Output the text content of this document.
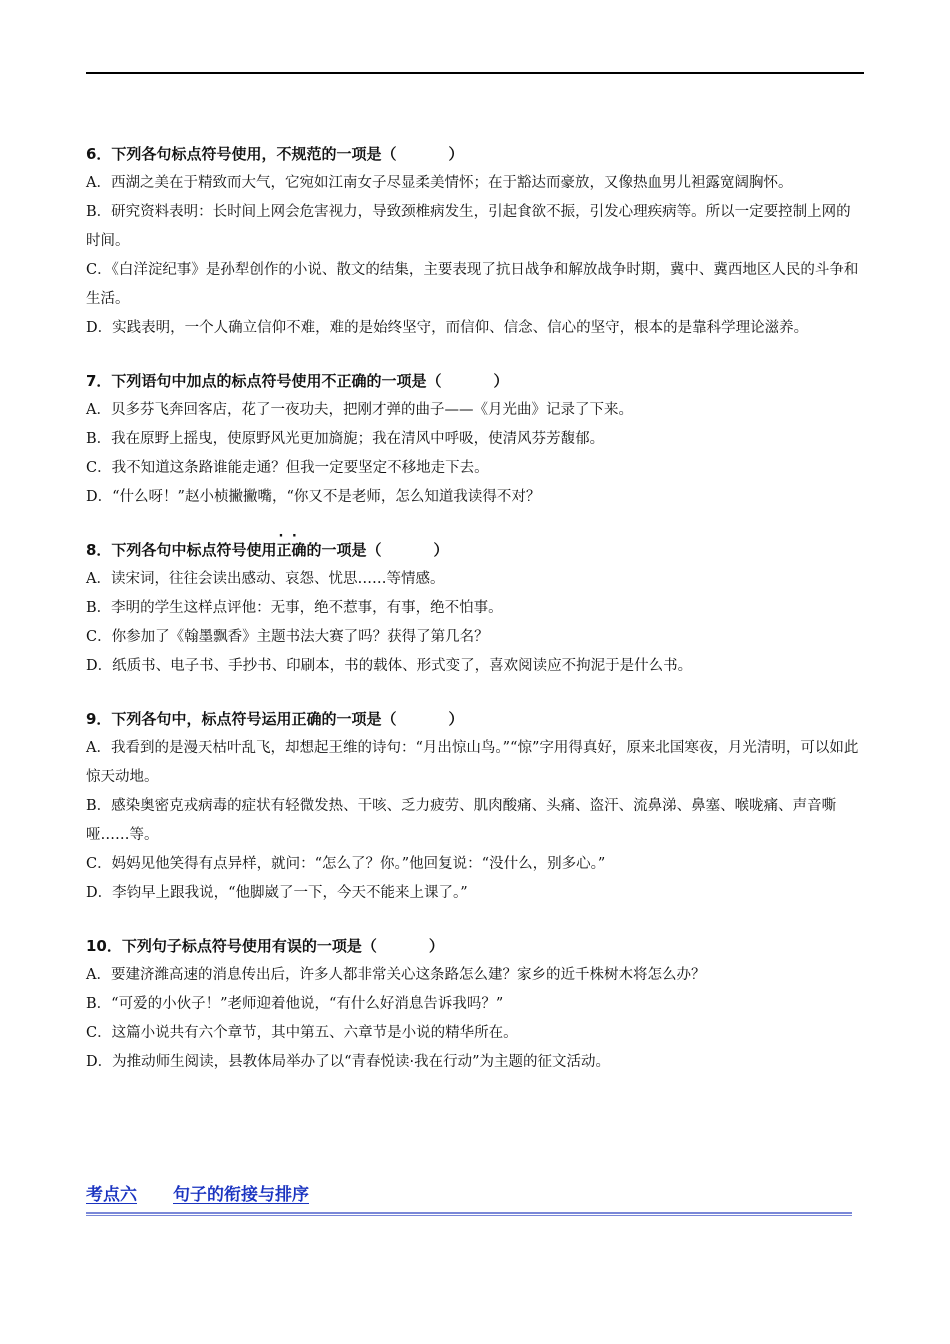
6．下列各句标点符号使用，不规范的一项是（	）
A．西湖之美在于精致而大气，它宛如江南女子尽显柔美情怀；在于豁达而豪放，又像热血男儿袒露宽阔胸怀。
B．研究资料表明：长时间上网会危害视力，导致颈椎病发生，引起食欲不振，引发心理疾病等。所以一定要控制上网的时间。
C．《白洋淀纪事》是孙犁创作的小说、散文的结集，主要表现了抗日战争和解放战争时期，冀中、冀西地区人民的斗争和生活。
D．实践表明，一个人确立信仰不难，难的是始终坚守，而信仰、信念、信心的坚守，根本的是靠科学理论滋养。
7．下列语句中加点的标点符号使用不正确的一项是（	）
A．贝多芬飞奔回客店，花了一夜功夫，把刚才弹的曲子——《月光曲》记录了下来。
B．我在原野上摇曳，使原野风光更加旖旎；我在清风中呼吸，使清风芬芳馥郁。
C．我不知道这条路谁能走通？但我一定要坚定不移地走下去。
D．“什么呀！”赵小桢撇撇嘴，“你又不是老师，怎么知道我读得不对？
8．下列各句中标点符号使用· · 正确的一项是（	）
A．读宋词，往往会读出感动、哀怨、忧思……等情感。
B．李明的学生这样点评他：无事，绝不惹事，有事，绝不怕事。
C．你参加了《翰墨飘香》主题书法大赛了吗？获得了第几名？
D．纸质书、电子书、手抄书、印刷本，书的载体、形式变了，喜欢阅读应不拘泥于是什么书。
9．下列各句中，标点符号运用正确的一项是（	）
A．我看到的是漫天枯叶乱飞，却想起王维的诗句：“月出惊山鸟。”“惊”字用得真好，原来北国寒夜，月光清明，可以如此惊天动地。
B．感染奥密克戎病毒的症状有轻微发热、干咳、乏力疲劳、肌肉酸痛、头痛、盗汗、流鼻涕、鼻塞、喉咙痛、声音嘶哑……等。
C．妈妈见他笑得有点异样，就问：“怎么了？你。”他回复说：“没什么，别多心。”
D．李钧早上跟我说，“他脚崴了一下，今天不能来上课了。”
10．下列句子标点符号使用有误的一项是（	）
A．要建济潍高速的消息传出后，许多人都非常关心这条路怎么建？家乡的近千株树木将怎么办？
B．“可爱的小伙子！”老师迎着他说，“有什么好消息告诉我吗？”
C．这篇小说共有六个章节，其中第五、六章节是小说的精华所在。
D．为推动师生阅读，县教体局举办了以“青春悦读·我在行动”为主题的征文活动。
考点六 句子的衔接与排序
